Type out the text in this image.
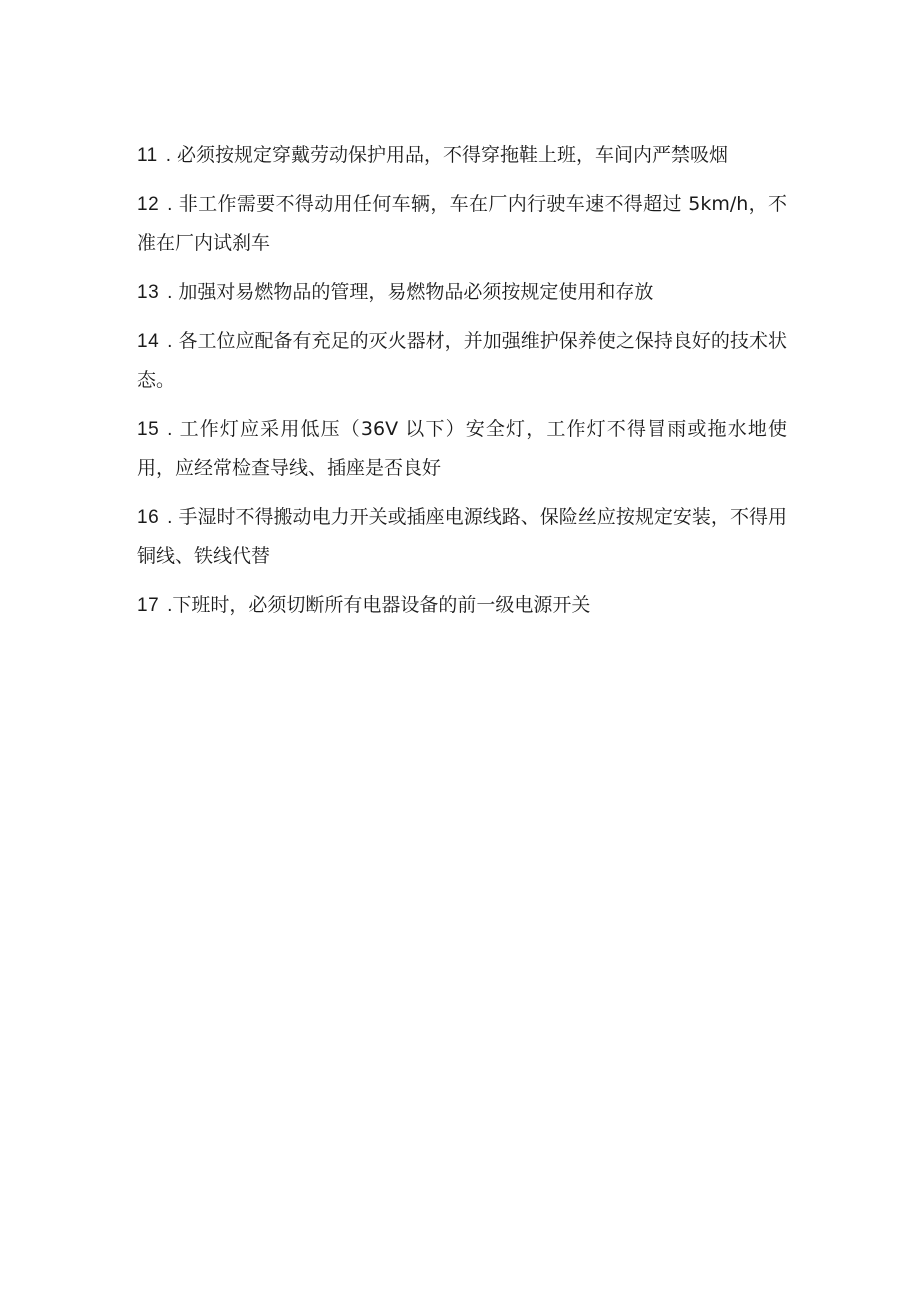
11 . 必须按规定穿戴劳动保护用品，不得穿拖鞋上班，车间内严禁吸烟
12 . 非工作需要不得动用任何车辆，车在厂内行驶车速不得超过 5km/h，不准在厂内试刹车
13 . 加强对易燃物品的管理，易燃物品必须按规定使用和存放
14 . 各工位应配备有充足的灭火器材，并加强维护保养使之保持良好的技术状态。
15 . 工作灯应采用低压（36V 以下）安全灯，工作灯不得冒雨或拖水地使用，应经常检查导线、插座是否良好
16 . 手湿时不得搬动电力开关或插座电源线路、保险丝应按规定安装，不得用铜线、铁线代替
17 .下班时，必须切断所有电器设备的前一级电源开关
